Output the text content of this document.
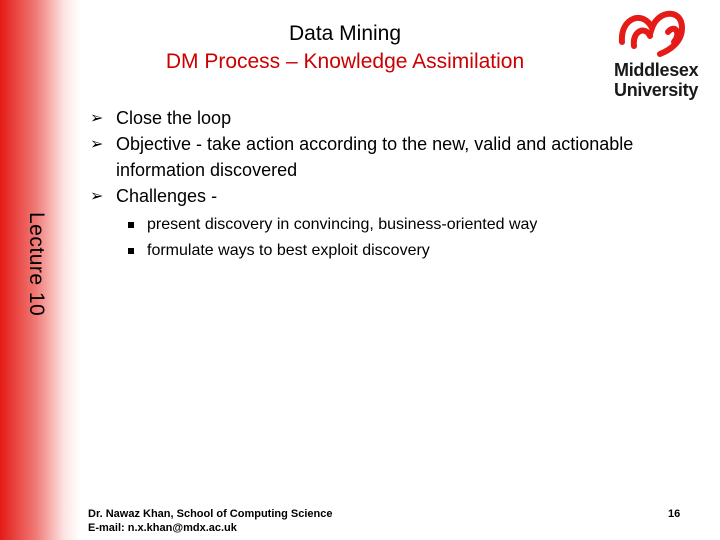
Lecture 10
Data Mining
DM Process – Knowledge Assimilation	Middlesex
University
➢ Close the loop
➢ Objective - take action according to the new, valid and actionable information discovered
➢ Challenges -
present discovery in convincing, business-oriented way
formulate ways to best exploit discovery
Dr. Nawaz Khan, School of Computing Science
E-mail: n.x.khan@mdx.ac.uk
16
